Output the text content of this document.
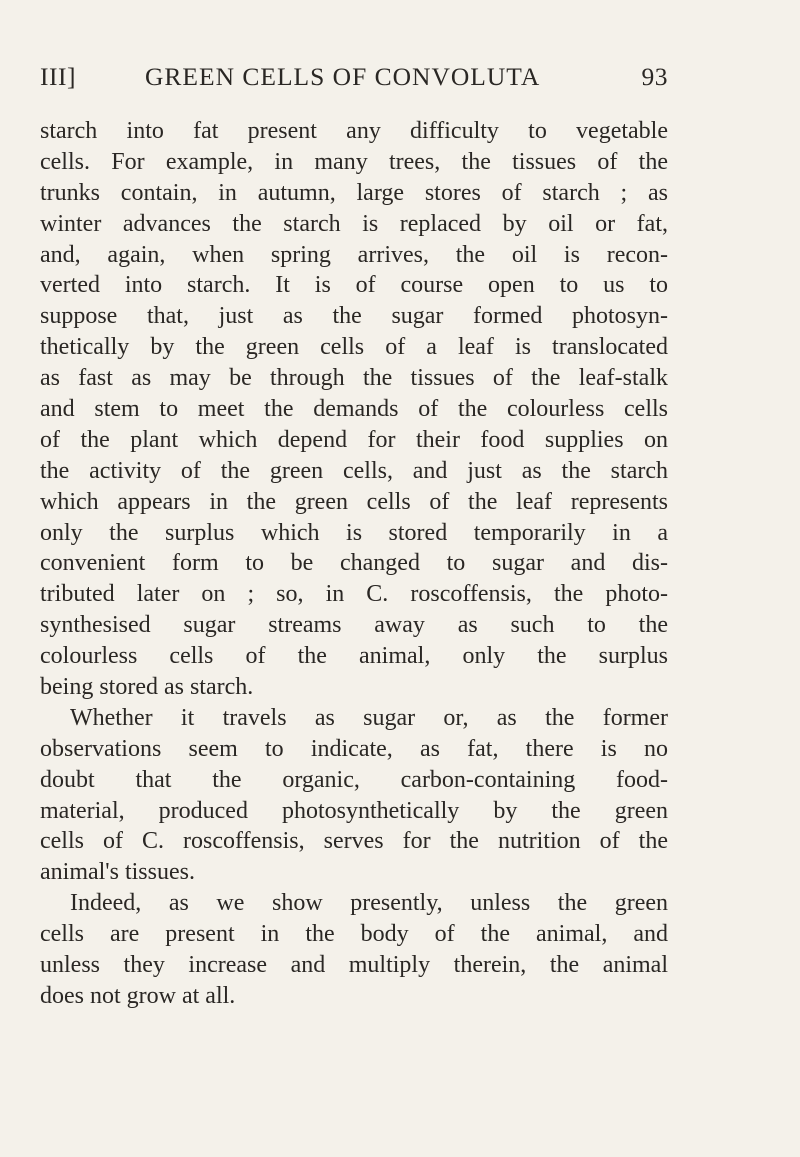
III]	GREEN CELLS OF CONVOLUTA	93
starch into fat present any difficulty to vegetable
cells. For example, in many trees, the tissues of the
trunks contain, in autumn, large stores of starch ; as
winter advances the starch is replaced by oil or fat,
and, again, when spring arrives, the oil is recon-
verted into starch. It is of course open to us to
suppose that, just as the sugar formed photosyn-
thetically by the green cells of a leaf is translocated
as fast as may be through the tissues of the leaf-stalk
and stem to meet the demands of the colourless cells
of the plant which depend for their food supplies on
the activity of the green cells, and just as the starch
which appears in the green cells of the leaf represents
only the surplus which is stored temporarily in a
convenient form to be changed to sugar and dis-
tributed later on ; so, in C. roscoffensis, the photo-
synthesised sugar streams away as such to the
colourless cells of the animal, only the surplus
being stored as starch.
Whether it travels as sugar or, as the former
observations seem to indicate, as fat, there is no
doubt that the organic, carbon-containing food-
material, produced photosynthetically by the green
cells of C. roscoffensis, serves for the nutrition of the
animal's tissues.
Indeed, as we show presently, unless the green
cells are present in the body of the animal, and
unless they increase and multiply therein, the animal
does not grow at all.
